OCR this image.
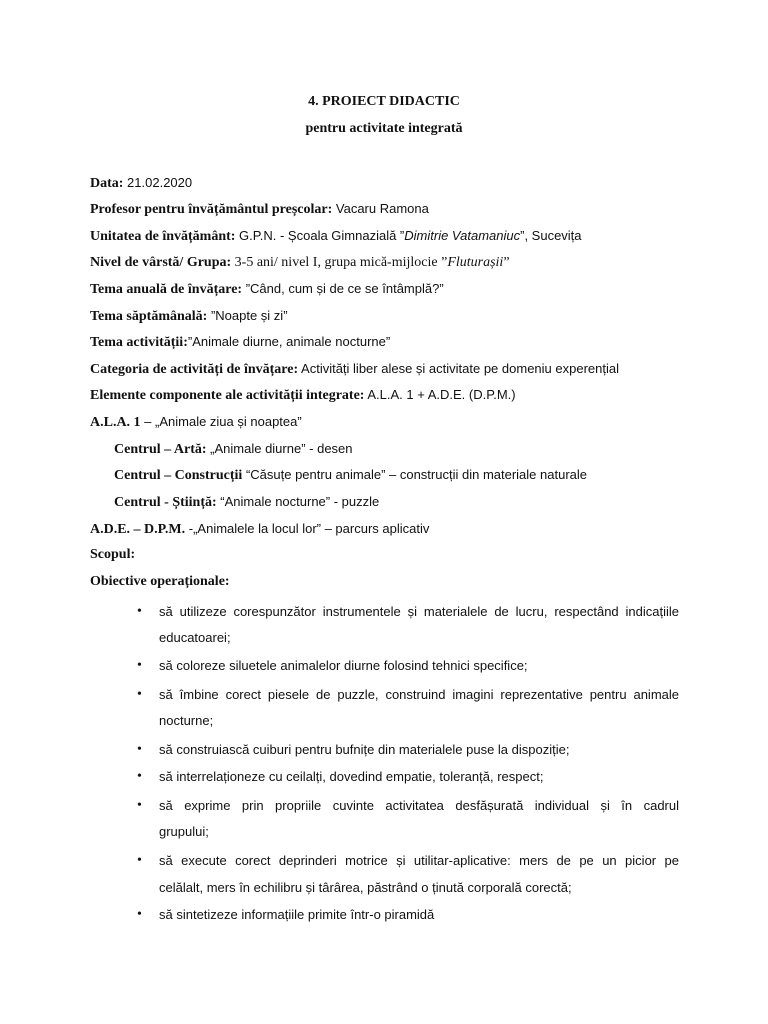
4. PROIECT DIDACTIC
pentru activitate integrată
Data: 21.02.2020
Profesor pentru învățământul preșcolar: Vacaru Ramona
Unitatea de învățământ: G.P.N. - Școala Gimnazială ”Dimitrie Vatamaniuc”, Sucevița
Nivel de vârstă/ Grupa: 3-5 ani/ nivel I, grupa mică-mijlocie ”Fluturașii”
Tema anuală de învățare: ”Când, cum și de ce se întâmplă?”
Tema săptămânală: ”Noapte și zi”
Tema activității:”Animale diurne, animale nocturne”
Categoria de activități de învățare: Activități liber alese și activitate pe domeniu experențial
Elemente componente ale activității integrate: A.L.A. 1 + A.D.E. (D.P.M.)
A.L.A. 1 – „Animale ziua și noaptea”
Centrul – Artă: „Animale diurne” - desen
Centrul – Construcții “Căsuțe pentru animale” – construcții din materiale naturale
Centrul - Știință: “Animale nocturne” - puzzle
A.D.E. – D.P.M. -„Animalele la locul lor” – parcurs aplicativ
Scopul:
Obiective operaționale:
• să utilizeze corespunzător instrumentele și materialele de lucru, respectând indicațiile
educatoarei;
• să coloreze siluetele animalelor diurne folosind tehnici specifice;
• să îmbine corect piesele de puzzle, construind imagini reprezentative pentru animale
nocturne;
• să construiască cuiburi pentru bufnițe din materialele puse la dispoziție;
• să interrelaționeze cu ceilalți, dovedind empatie, toleranță, respect;
• să exprime prin propriile cuvinte activitatea desfășurată individual și în cadrul
grupului;
• să execute corect deprinderi motrice și utilitar-aplicative: mers de pe un picior pe
celălalt, mers în echilibru și târârea, păstrând o ținută corporală corectă;
• să sintetizeze informațiile primite într-o piramidă
